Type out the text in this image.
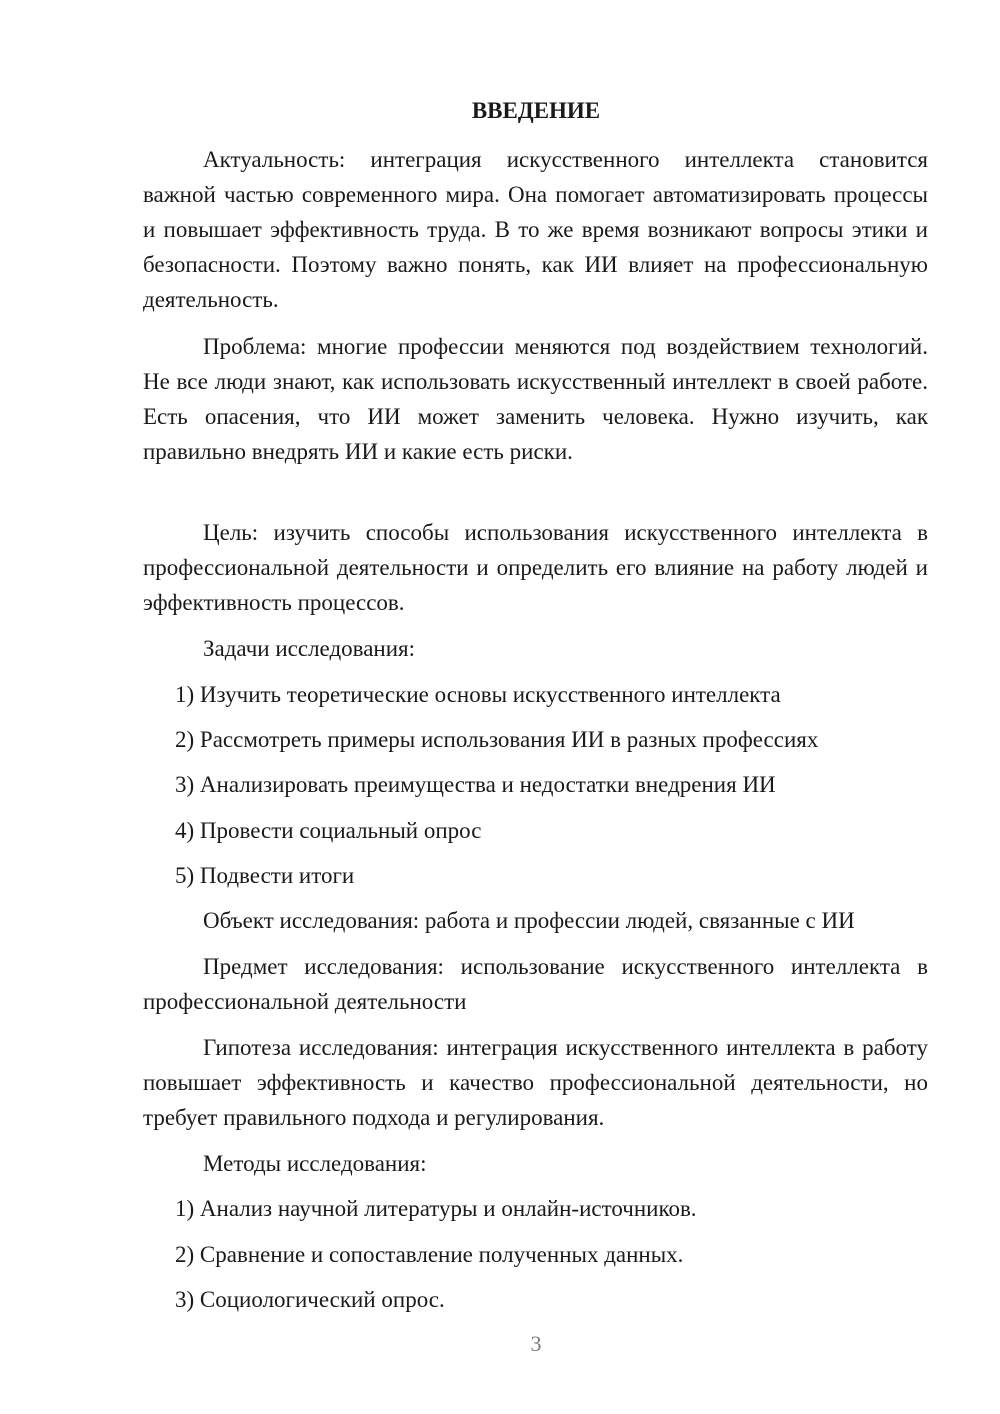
ВВЕДЕНИЕ

Актуальность: интеграция искусственного интеллекта становится важной частью современного мира. Она помогает автоматизировать процессы и повышает эффективность труда. В то же время возникают вопросы этики и безопасности. Поэтому важно понять, как ИИ влияет на профессиональную деятельность.

Проблема: многие профессии меняются под воздействием технологий. Не все люди знают, как использовать искусственный интеллект в своей работе. Есть опасения, что ИИ может заменить человека. Нужно изучить, как правильно внедрять ИИ и какие есть риски.

Цель: изучить способы использования искусственного интеллекта в профессиональной деятельности и определить его влияние на работу людей и эффективность процессов.

Задачи исследования:

1) Изучить теоретические основы искусственного интеллекта

2) Рассмотреть примеры использования ИИ в разных профессиях

3) Анализировать преимущества и недостатки внедрения ИИ

4) Провести социальный опрос

5) Подвести итоги

Объект исследования: работа и профессии людей, связанные с ИИ

Предмет исследования: использование искусственного интеллекта в профессиональной деятельности

Гипотеза исследования: интеграция искусственного интеллекта в работу повышает эффективность и качество профессиональной деятельности, но требует правильного подхода и регулирования.

Методы исследования:

1) Анализ научной литературы и онлайн-источников.

2) Сравнение и сопоставление полученных данных.

3) Социологический опрос.

3
